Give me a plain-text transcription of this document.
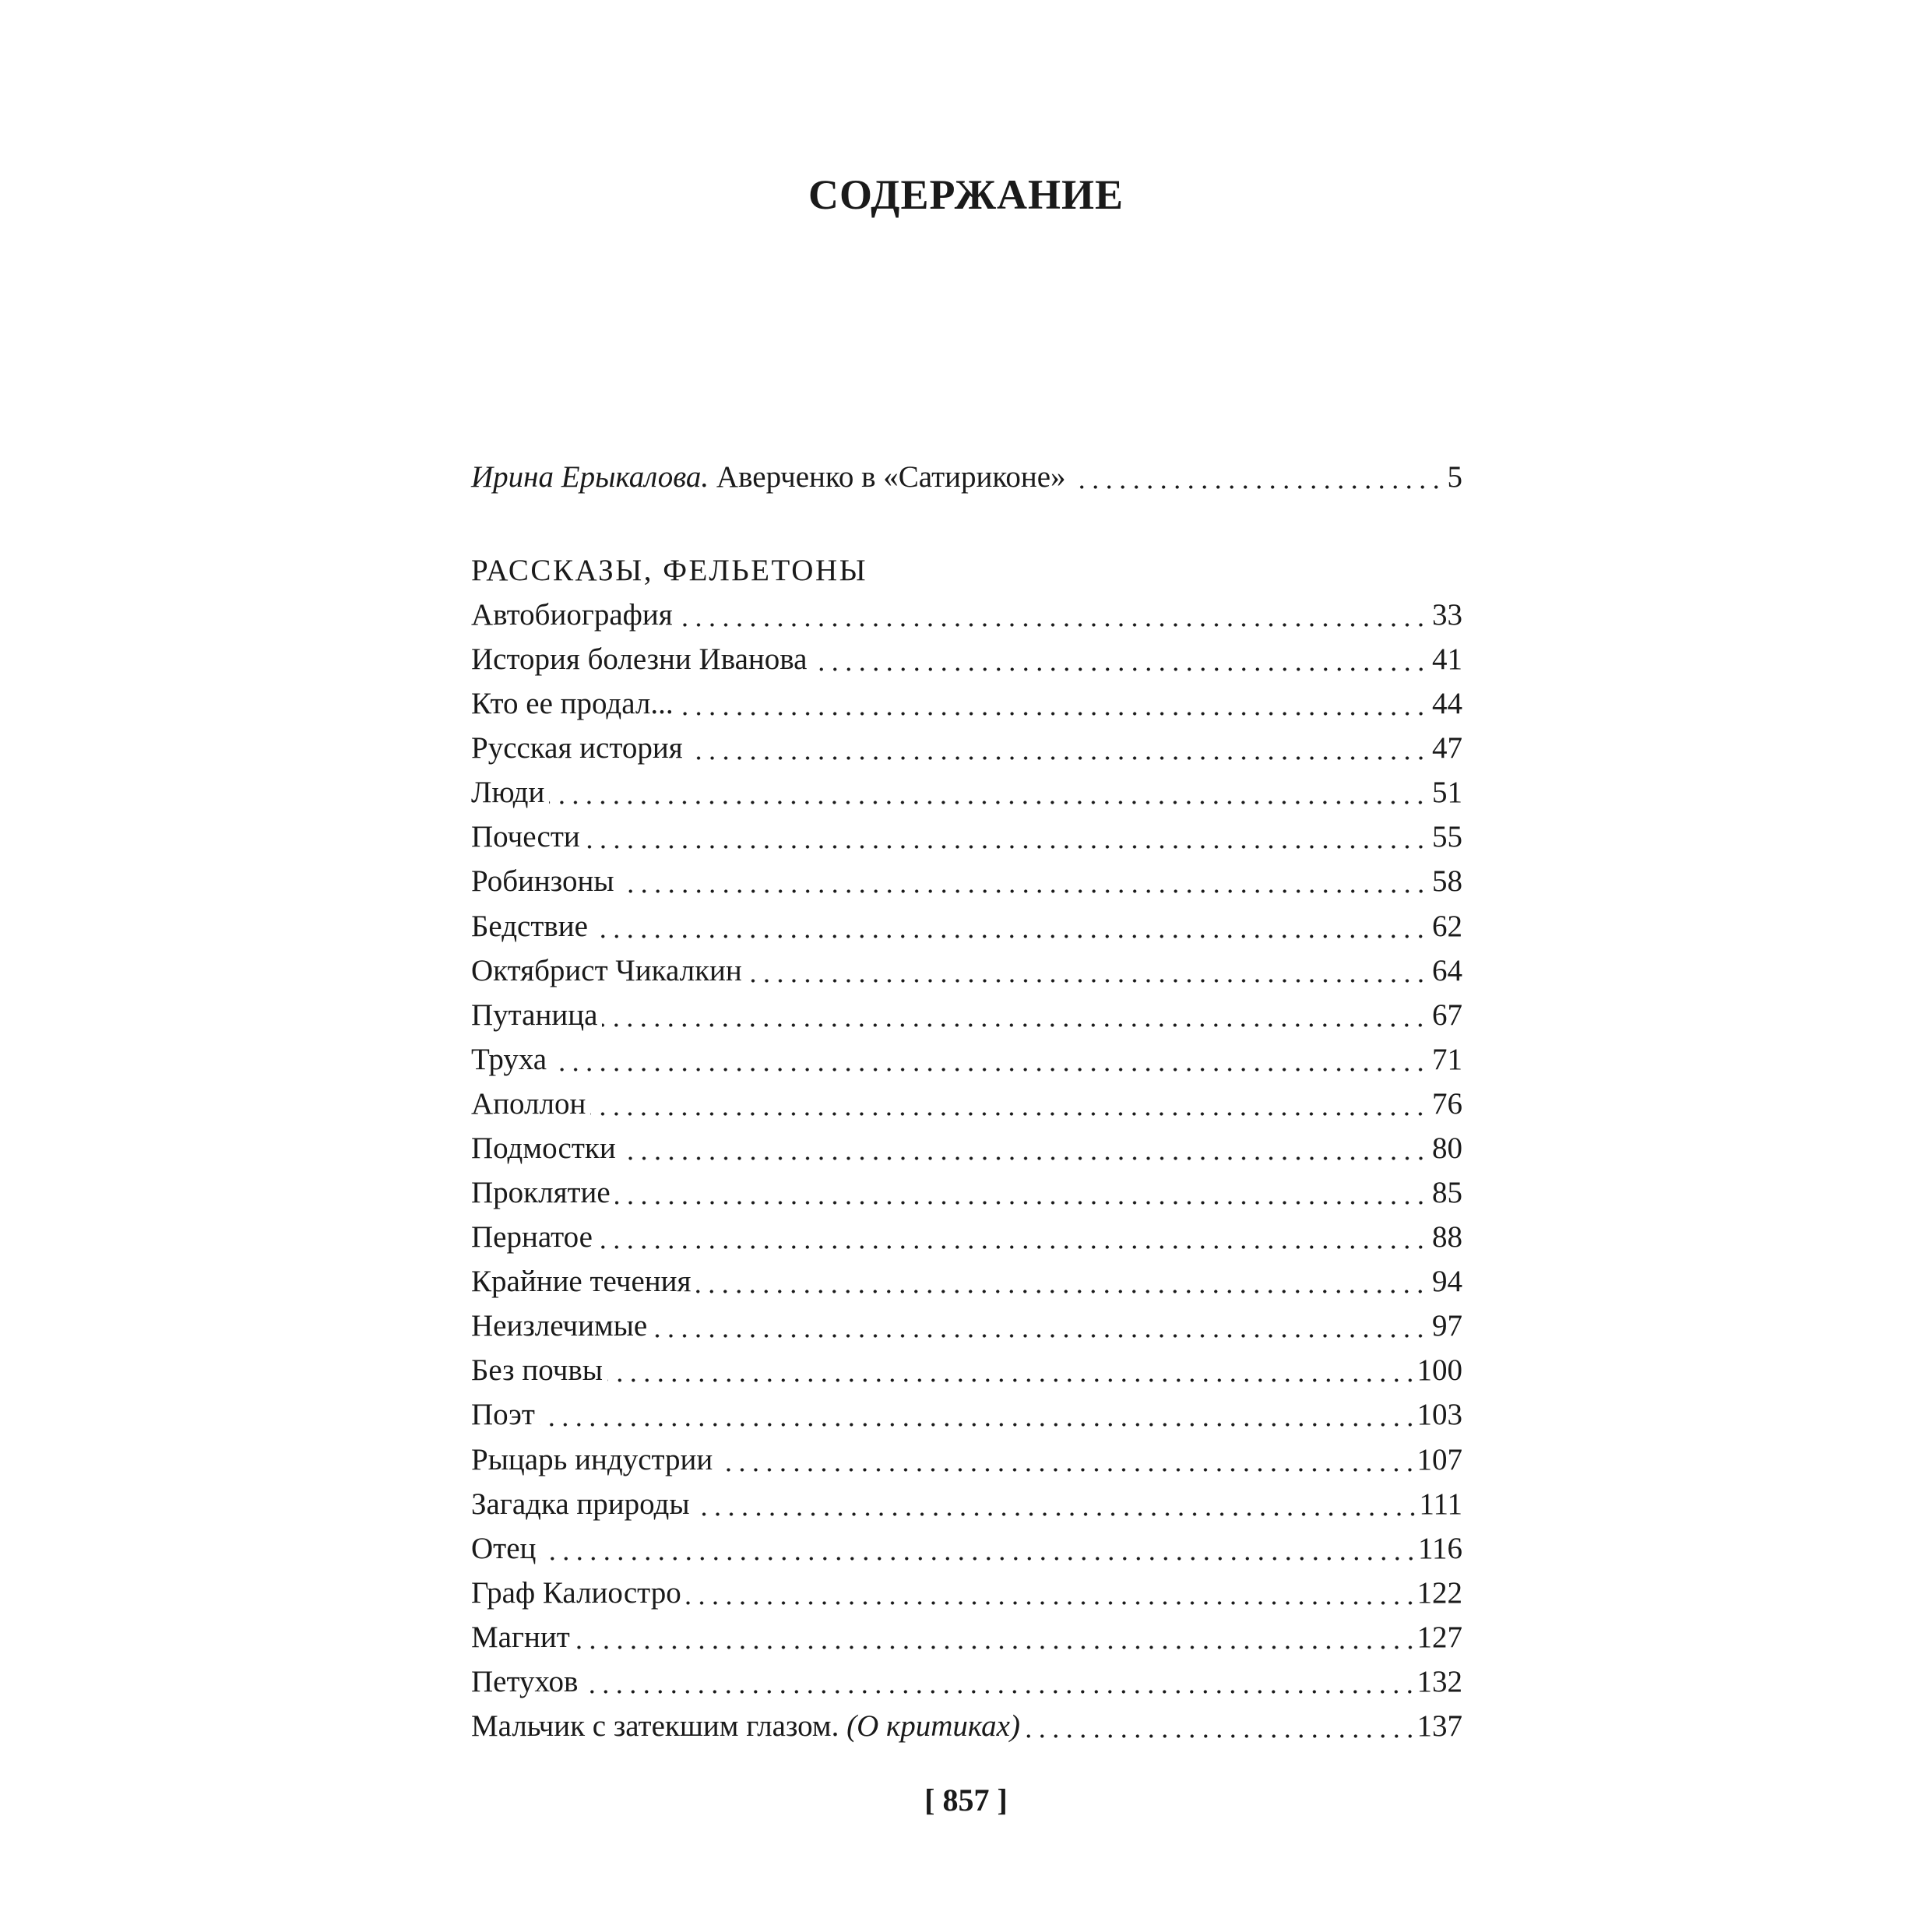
СОДЕРЖАНИЕ
Ирина Ерыкалова. Аверченко в «Сатириконе»	5
РАССКАЗЫ, ФЕЛЬЕТОНЫ
Автобиография	33
История болезни Иванова	41
Кто ее продал...	44
Русская история	47
Люди	51
Почести	55
Робинзоны	58
Бедствие	62
Октябрист Чикалкин	64
Путаница	67
Труха	71
Аполлон	76
Подмостки	80
Проклятие	85
Пернатое	88
Крайние течения	94
Неизлечимые	97
Без почвы	100
Поэт	103
Рыцарь индустрии	107
Загадка природы	111
Отец	116
Граф Калиостро	122
Магнит	127
Петухов	132
Мальчик с затекшим глазом. (О критиках)	137
[ 857 ]
